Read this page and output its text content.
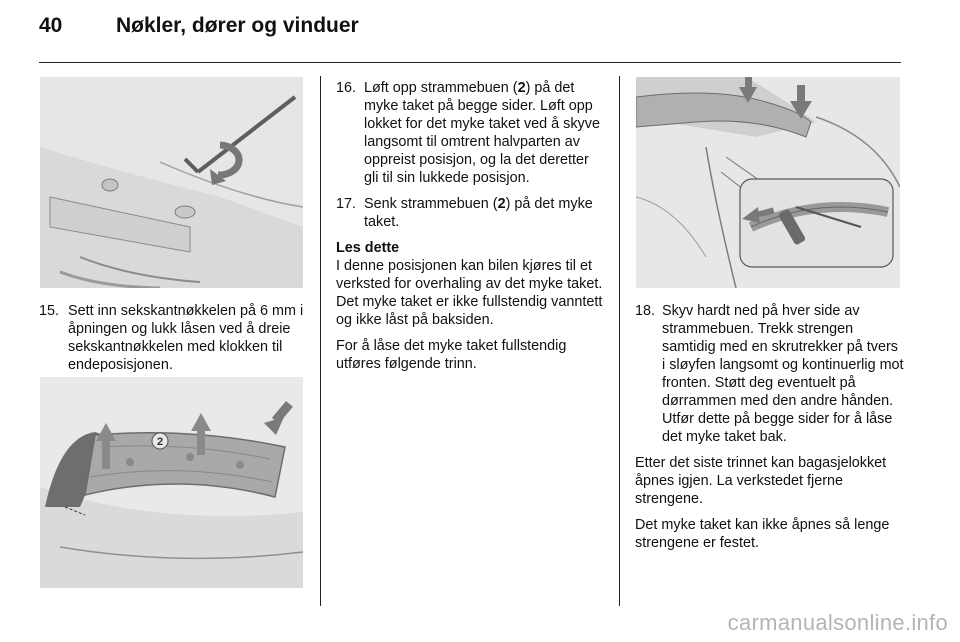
40	Nøkler, dører og vinduer
15. Sett inn sekskantnøkkelen på 6 mm i åpningen og lukk låsen ved å dreie sekskantnøkkelen med klokken til endeposisjonen.
2
16. Løft opp strammebuen (2) på det myke taket på begge sider. Løft opp lokket for det myke taket ved å skyve langsomt til omtrent halvparten av oppreist posisjon, og la det deretter gli til sin lukkede posisjon.
17. Senk strammebuen (2) på det myke taket.
Les dette

I denne posisjonen kan bilen kjøres til et verksted for overhaling av det myke taket. Det myke taket er ikke fullstendig vanntett og ikke låst på baksiden.

For å låse det myke taket fullstendig utføres følgende trinn.

18. Skyv hardt ned på hver side av strammebuen. Trekk strengen samtidig med en skrutrekker på tvers i sløyfen langsomt og kontinuerlig mot fronten. Støtt deg eventuelt på dørrammen med den andre hånden. Utfør dette på begge sider for å låse det myke taket bak.

Etter det siste trinnet kan bagasjelokket åpnes igjen. La verkstedet fjerne strengene.

Det myke taket kan ikke åpnes så lenge strengene er festet.

carmanualsonline.info
